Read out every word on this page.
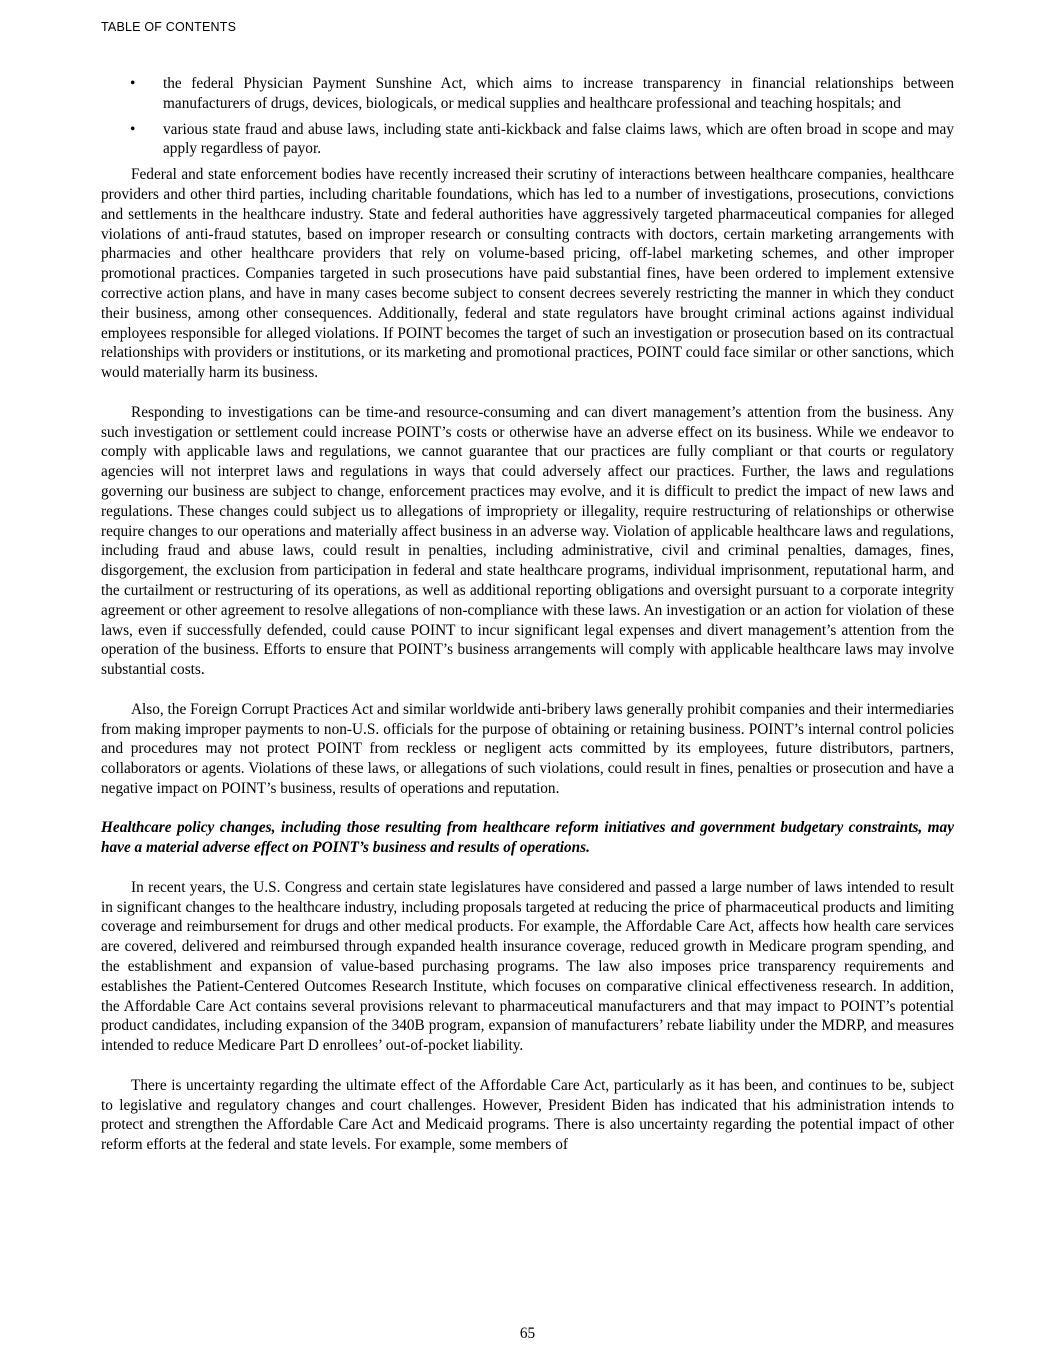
TABLE OF CONTENTS
• the federal Physician Payment Sunshine Act, which aims to increase transparency in financial relationships between manufacturers of drugs, devices, biologicals, or medical supplies and healthcare professional and teaching hospitals; and
• various state fraud and abuse laws, including state anti-kickback and false claims laws, which are often broad in scope and may apply regardless of payor.

Federal and state enforcement bodies have recently increased their scrutiny of interactions between healthcare companies, healthcare providers and other third parties, including charitable foundations, which has led to a number of investigations, prosecutions, convictions and settlements in the healthcare industry. State and federal authorities have aggressively targeted pharmaceutical companies for alleged violations of anti-fraud statutes, based on improper research or consulting contracts with doctors, certain marketing arrangements with pharmacies and other healthcare providers that rely on volume-based pricing, off-label marketing schemes, and other improper promotional practices. Companies targeted in such prosecutions have paid substantial fines, have been ordered to implement extensive corrective action plans, and have in many cases become subject to consent decrees severely restricting the manner in which they conduct their business, among other consequences. Additionally, federal and state regulators have brought criminal actions against individual employees responsible for alleged violations. If POINT becomes the target of such an investigation or prosecution based on its contractual relationships with providers or institutions, or its marketing and promotional practices, POINT could face similar or other sanctions, which would materially harm its business.

Responding to investigations can be time-and resource-consuming and can divert management’s attention from the business. Any such investigation or settlement could increase POINT’s costs or otherwise have an adverse effect on its business. While we endeavor to comply with applicable laws and regulations, we cannot guarantee that our practices are fully compliant or that courts or regulatory agencies will not interpret laws and regulations in ways that could adversely affect our practices. Further, the laws and regulations governing our business are subject to change, enforcement practices may evolve, and it is difficult to predict the impact of new laws and regulations. These changes could subject us to allegations of impropriety or illegality, require restructuring of relationships or otherwise require changes to our operations and materially affect business in an adverse way. Violation of applicable healthcare laws and regulations, including fraud and abuse laws, could result in penalties, including administrative, civil and criminal penalties, damages, fines, disgorgement, the exclusion from participation in federal and state healthcare programs, individual imprisonment, reputational harm, and the curtailment or restructuring of its operations, as well as additional reporting obligations and oversight pursuant to a corporate integrity agreement or other agreement to resolve allegations of non-compliance with these laws. An investigation or an action for violation of these laws, even if successfully defended, could cause POINT to incur significant legal expenses and divert management’s attention from the operation of the business. Efforts to ensure that POINT’s business arrangements will comply with applicable healthcare laws may involve substantial costs.

Also, the Foreign Corrupt Practices Act and similar worldwide anti-bribery laws generally prohibit companies and their intermediaries from making improper payments to non-U.S. officials for the purpose of obtaining or retaining business. POINT’s internal control policies and procedures may not protect POINT from reckless or negligent acts committed by its employees, future distributors, partners, collaborators or agents. Violations of these laws, or allegations of such violations, could result in fines, penalties or prosecution and have a negative impact on POINT’s business, results of operations and reputation.

Healthcare policy changes, including those resulting from healthcare reform initiatives and government budgetary constraints, may have a material adverse effect on POINT’s business and results of operations.

In recent years, the U.S. Congress and certain state legislatures have considered and passed a large number of laws intended to result in significant changes to the healthcare industry, including proposals targeted at reducing the price of pharmaceutical products and limiting coverage and reimbursement for drugs and other medical products. For example, the Affordable Care Act, affects how health care services are covered, delivered and reimbursed through expanded health insurance coverage, reduced growth in Medicare program spending, and the establishment and expansion of value-based purchasing programs. The law also imposes price transparency requirements and establishes the Patient-Centered Outcomes Research Institute, which focuses on comparative clinical effectiveness research. In addition, the Affordable Care Act contains several provisions relevant to pharmaceutical manufacturers and that may impact to POINT’s potential product candidates, including expansion of the 340B program, expansion of manufacturers’ rebate liability under the MDRP, and measures intended to reduce Medicare Part D enrollees’ out-of-pocket liability.

There is uncertainty regarding the ultimate effect of the Affordable Care Act, particularly as it has been, and continues to be, subject to legislative and regulatory changes and court challenges. However, President Biden has indicated that his administration intends to protect and strengthen the Affordable Care Act and Medicaid programs. There is also uncertainty regarding the potential impact of other reform efforts at the federal and state levels. For example, some members of

65
